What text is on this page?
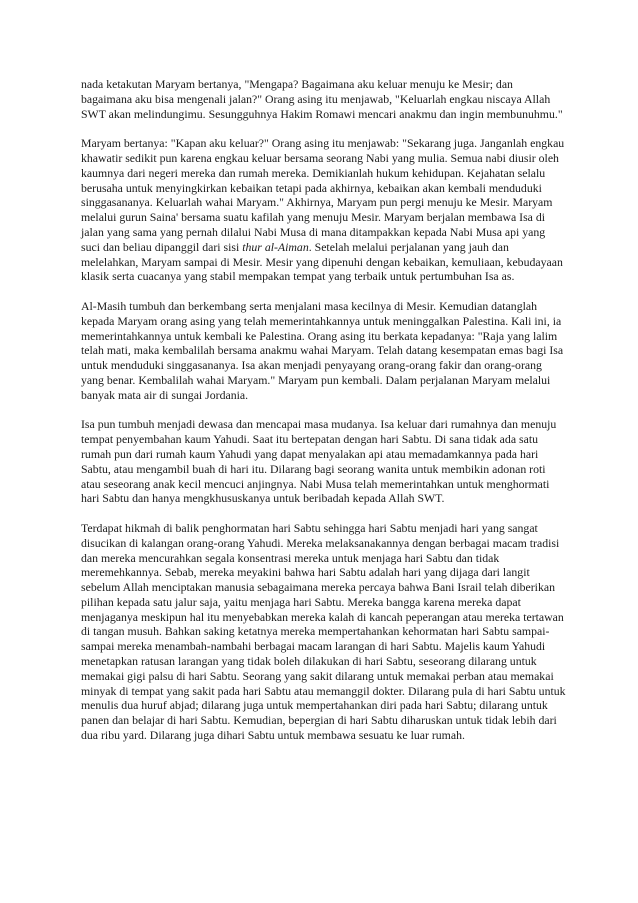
nada ketakutan Maryam bertanya, "Mengapa? Bagaimana aku keluar menuju ke Mesir; dan bagaimana aku bisa mengenali jalan?" Orang asing itu menjawab, "Keluarlah engkau niscaya Allah SWT akan melindungimu. Sesungguhnya Hakim Romawi mencari anakmu dan ingin membunuhmu."

Maryam bertanya: "Kapan aku keluar?" Orang asing itu menjawab: "Sekarang juga. Janganlah engkau khawatir sedikit pun karena engkau keluar bersama seorang Nabi yang mulia. Semua nabi diusir oleh kaumnya dari negeri mereka dan rumah mereka. Demikianlah hukum kehidupan. Kejahatan selalu berusaha untuk menyingkirkan kebaikan tetapi pada akhirnya, kebaikan akan kembali menduduki singgasananya. Keluarlah wahai Maryam." Akhirnya, Maryam pun pergi menuju ke Mesir. Maryam melalui gurun Saina' bersama suatu kafilah yang menuju Mesir. Maryam berjalan membawa Isa di jalan yang sama yang pernah dilalui Nabi Musa di mana ditampakkan kepada Nabi Musa api yang suci dan beliau dipanggil dari sisi thur al-Aiman. Setelah melalui perjalanan yang jauh dan melelahkan, Maryam sampai di Mesir. Mesir yang dipenuhi dengan kebaikan, kemuliaan, kebudayaan klasik serta cuacanya yang stabil mempakan tempat yang terbaik untuk pertumbuhan Isa as.

Al-Masih tumbuh dan berkembang serta menjalani masa kecilnya di Mesir. Kemudian datanglah kepada Maryam orang asing yang telah memerintahkannya untuk meninggalkan Palestina. Kali ini, ia memerintahkannya untuk kembali ke Palestina. Orang asing itu berkata kepadanya: "Raja yang lalim telah mati, maka kembalilah bersama anakmu wahai Maryam. Telah datang kesempatan emas bagi Isa untuk menduduki singgasananya. Isa akan menjadi penyayang orang-orang fakir dan orang-orang yang benar. Kembalilah wahai Maryam." Maryam pun kembali. Dalam perjalanan Maryam melalui banyak mata air di sungai Jordania.

Isa pun tumbuh menjadi dewasa dan mencapai masa mudanya. Isa keluar dari rumahnya dan menuju tempat penyembahan kaum Yahudi. Saat itu bertepatan dengan hari Sabtu. Di sana tidak ada satu rumah pun dari rumah kaum Yahudi yang dapat menyalakan api atau memadamkannya pada hari Sabtu, atau mengambil buah di hari itu. Dilarang bagi seorang wanita untuk membikin adonan roti atau seseorang anak kecil mencuci anjingnya. Nabi Musa telah memerintahkan untuk menghormati hari Sabtu dan hanya mengkhususkanya untuk beribadah kepada Allah SWT.

Terdapat hikmah di balik penghormatan hari Sabtu sehingga hari Sabtu menjadi hari yang sangat disucikan di kalangan orang-orang Yahudi. Mereka melaksanakannya dengan berbagai macam tradisi dan mereka mencurahkan segala konsentrasi mereka untuk menjaga hari Sabtu dan tidak meremehkannya. Sebab, mereka meyakini bahwa hari Sabtu adalah hari yang dijaga dari langit sebelum Allah menciptakan manusia sebagaimana mereka percaya bahwa Bani Israil telah diberikan pilihan kepada satu jalur saja, yaitu menjaga hari Sabtu. Mereka bangga karena mereka dapat menjaganya meskipun hal itu menyebabkan mereka kalah di kancah peperangan atau mereka tertawan di tangan musuh. Bahkan saking ketatnya mereka mempertahankan kehormatan hari Sabtu sampai-sampai mereka menambah-nambahi berbagai macam larangan di hari Sabtu. Majelis kaum Yahudi menetapkan ratusan larangan yang tidak boleh dilakukan di hari Sabtu, seseorang dilarang untuk memakai gigi palsu di hari Sabtu. Seorang yang sakit dilarang untuk memakai perban atau memakai minyak di tempat yang sakit pada hari Sabtu atau memanggil dokter. Dilarang pula di hari Sabtu untuk menulis dua huruf abjad; dilarang juga untuk mempertahankan diri pada hari Sabtu; dilarang untuk panen dan belajar di hari Sabtu. Kemudian, bepergian di hari Sabtu diharuskan untuk tidak lebih dari dua ribu yard. Dilarang juga dihari Sabtu untuk membawa sesuatu ke luar rumah.
